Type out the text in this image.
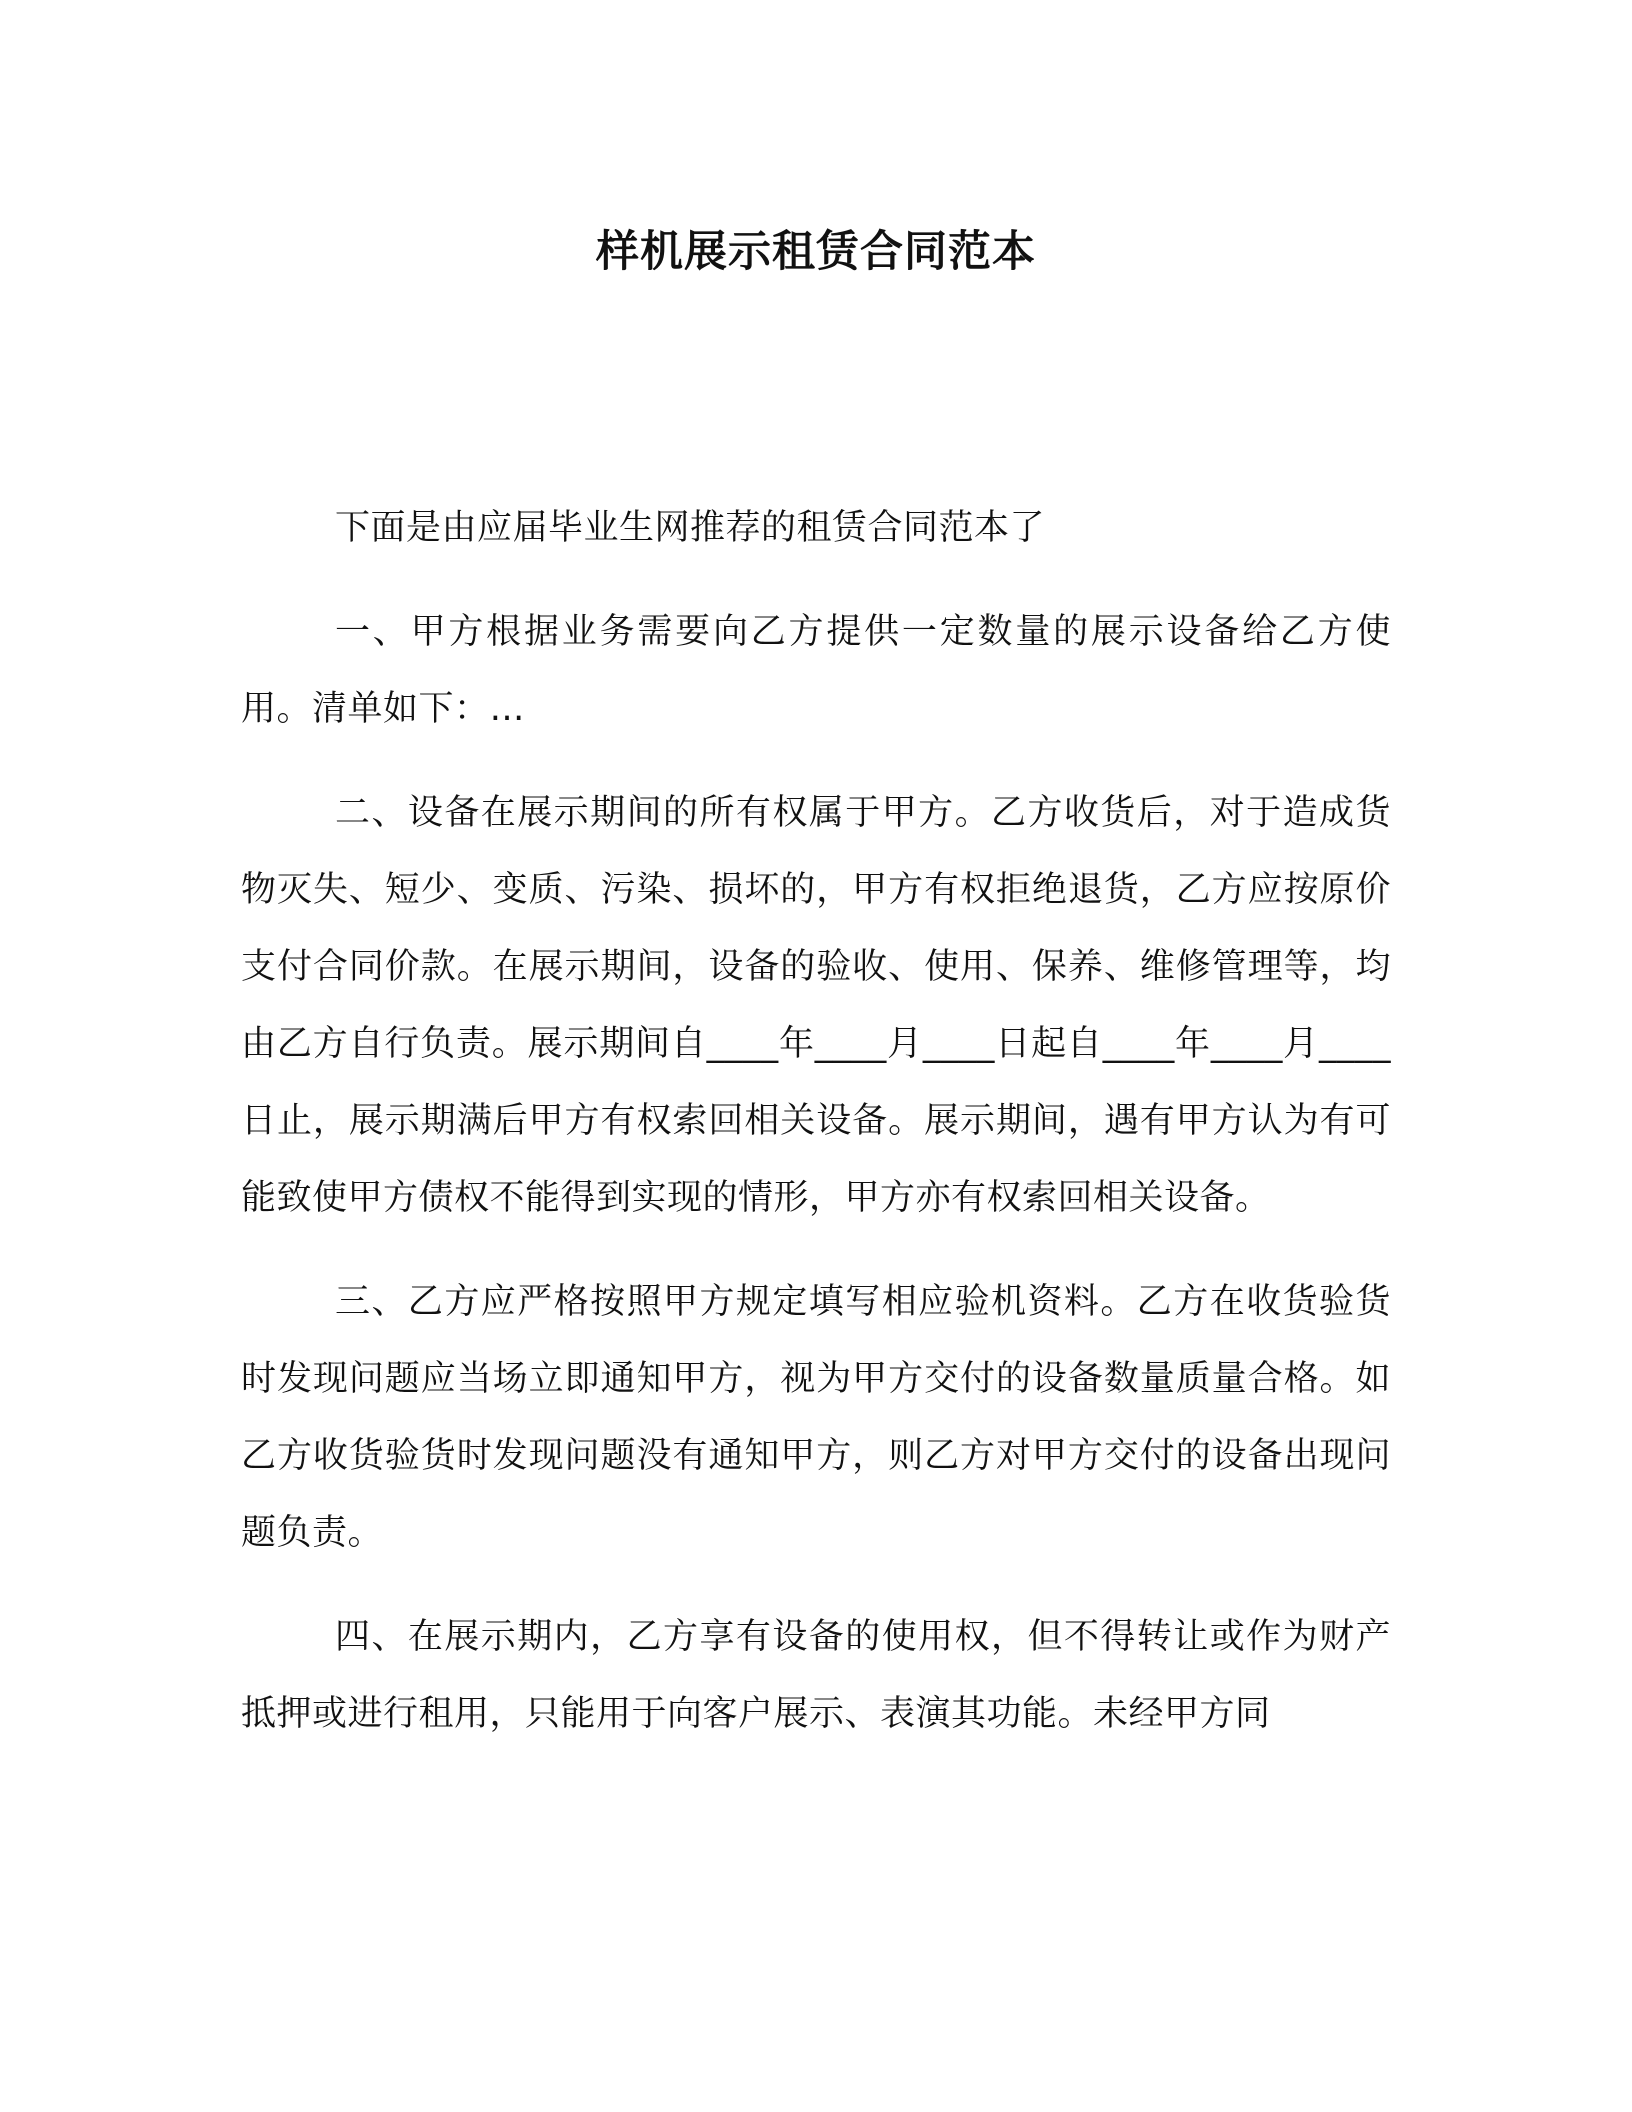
样机展示租赁合同范本

下面是由应届毕业生网推荐的租赁合同范本了

一、甲方根据业务需要向乙方提供一定数量的展示设备给乙方使用。清单如下：…

二、设备在展示期间的所有权属于甲方。乙方收货后，对于造成货物灭失、短少、变质、污染、损坏的，甲方有权拒绝退货，乙方应按原价支付合同价款。在展示期间，设备的验收、使用、保养、维修管理等，均由乙方自行负责。展示期间自____年____月____日起自____年____月____日止，展示期满后甲方有权索回相关设备。展示期间，遇有甲方认为有可能致使甲方债权不能得到实现的情形，甲方亦有权索回相关设备。

三、乙方应严格按照甲方规定填写相应验机资料。乙方在收货验货时发现问题应当场立即通知甲方，视为甲方交付的设备数量质量合格。如乙方收货验货时发现问题没有通知甲方，则乙方对甲方交付的设备出现问题负责。

四、在展示期内，乙方享有设备的使用权，但不得转让或作为财产抵押或进行租用，只能用于向客户展示、表演其功能。未经甲方同
